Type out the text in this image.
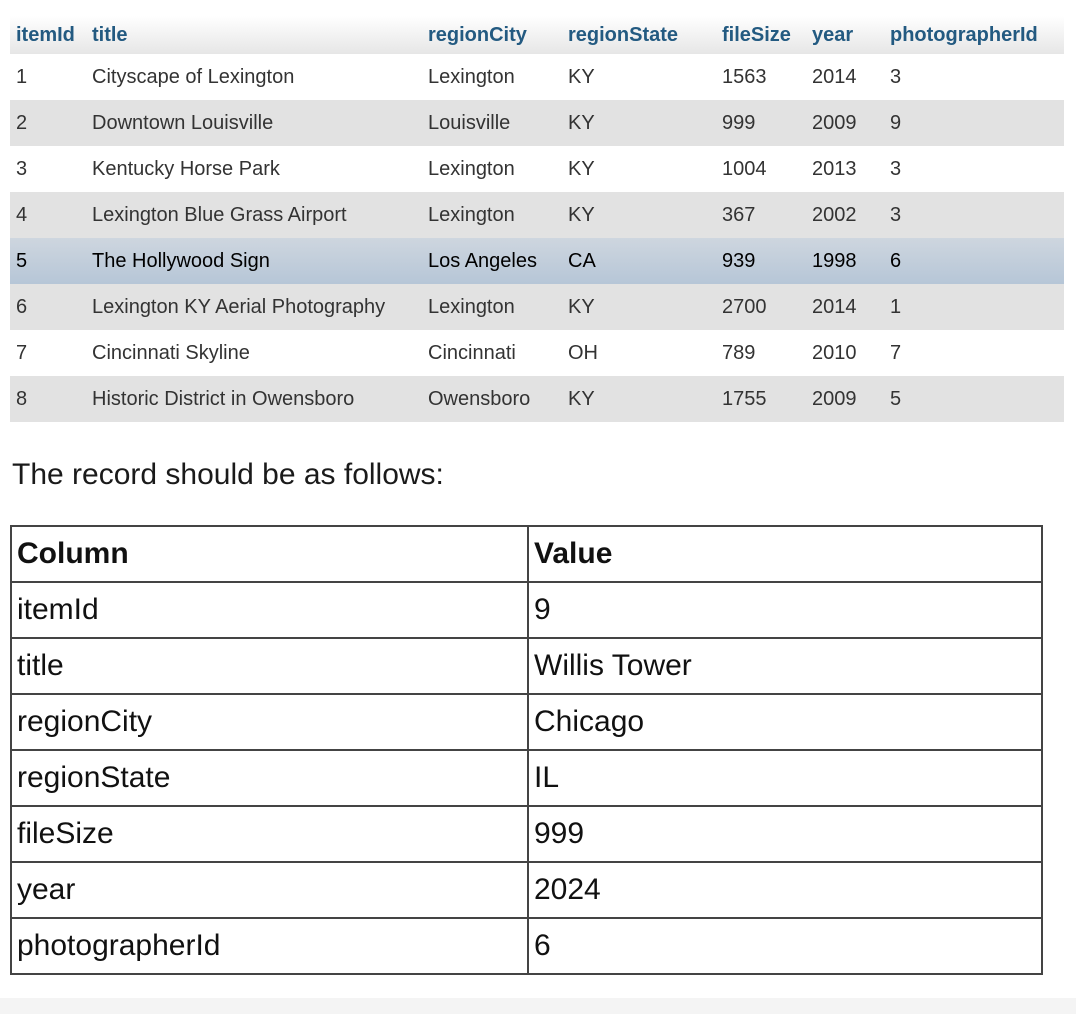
itemId	title	regionCity	regionState	fileSize	year	photographerId
1	Cityscape of Lexington	Lexington	KY	1563	2014	3
2	Downtown Louisville	Louisville	KY	999	2009	9
3	Kentucky Horse Park	Lexington	KY	1004	2013	3
4	Lexington Blue Grass Airport	Lexington	KY	367	2002	3
5	The Hollywood Sign	Los Angeles	CA	939	1998	6
6	Lexington KY Aerial Photography	Lexington	KY	2700	2014	1
7	Cincinnati Skyline	Cincinnati	OH	789	2010	7
8	Historic District in Owensboro	Owensboro	KY	1755	2009	5

The record should be as follows:

Column	Value
itemId	9
title	Willis Tower
regionCity	Chicago
regionState	IL
fileSize	999
year	2024
photographerId	6
